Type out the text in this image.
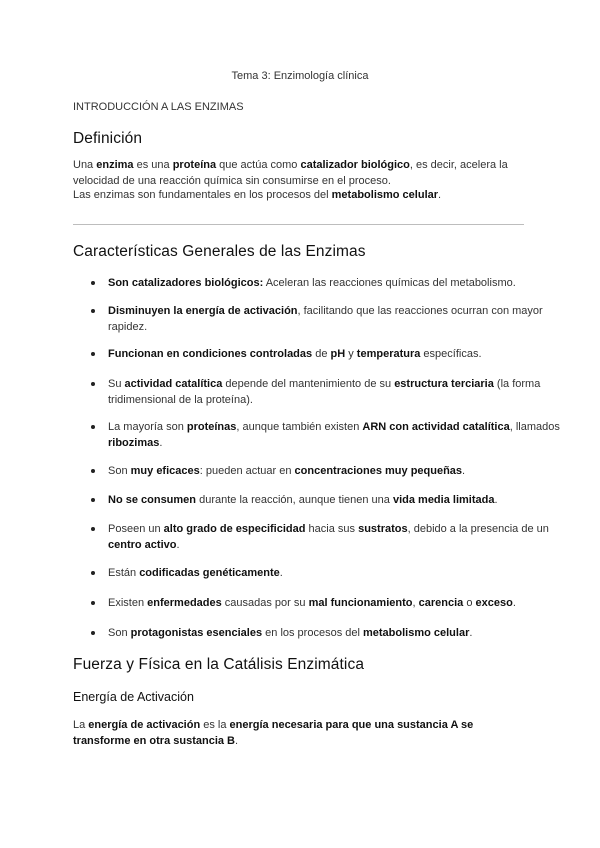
Tema 3: Enzimología clínica
INTRODUCCIÓN A LAS ENZIMAS
Definición

Una enzima es una proteína que actúa como catalizador biológico, es decir, acelera la velocidad de una reacción química sin consumirse en el proceso.

Las enzimas son fundamentales en los procesos del metabolismo celular.

Características Generales de las Enzimas
Son catalizadores biológicos: Aceleran las reacciones químicas del metabolismo.
Disminuyen la energía de activación, facilitando que las reacciones ocurran con mayor rapidez.
Funcionan en condiciones controladas de pH y temperatura específicas.
Su actividad catalítica depende del mantenimiento de su estructura terciaria (la forma tridimensional de la proteína).
La mayoría son proteínas, aunque también existen ARN con actividad catalítica, llamados ribozimas.
Son muy eficaces: pueden actuar en concentraciones muy pequeñas.
No se consumen durante la reacción, aunque tienen una vida media limitada.
Poseen un alto grado de especificidad hacia sus sustratos, debido a la presencia de un centro activo.
Están codificadas genéticamente.
Existen enfermedades causadas por su mal funcionamiento, carencia o exceso.
Son protagonistas esenciales en los procesos del metabolismo celular.
Fuerza y Física en la Catálisis Enzimática
Energía de Activación

La energía de activación es la energía necesaria para que una sustancia A se transforme en otra sustancia B.
